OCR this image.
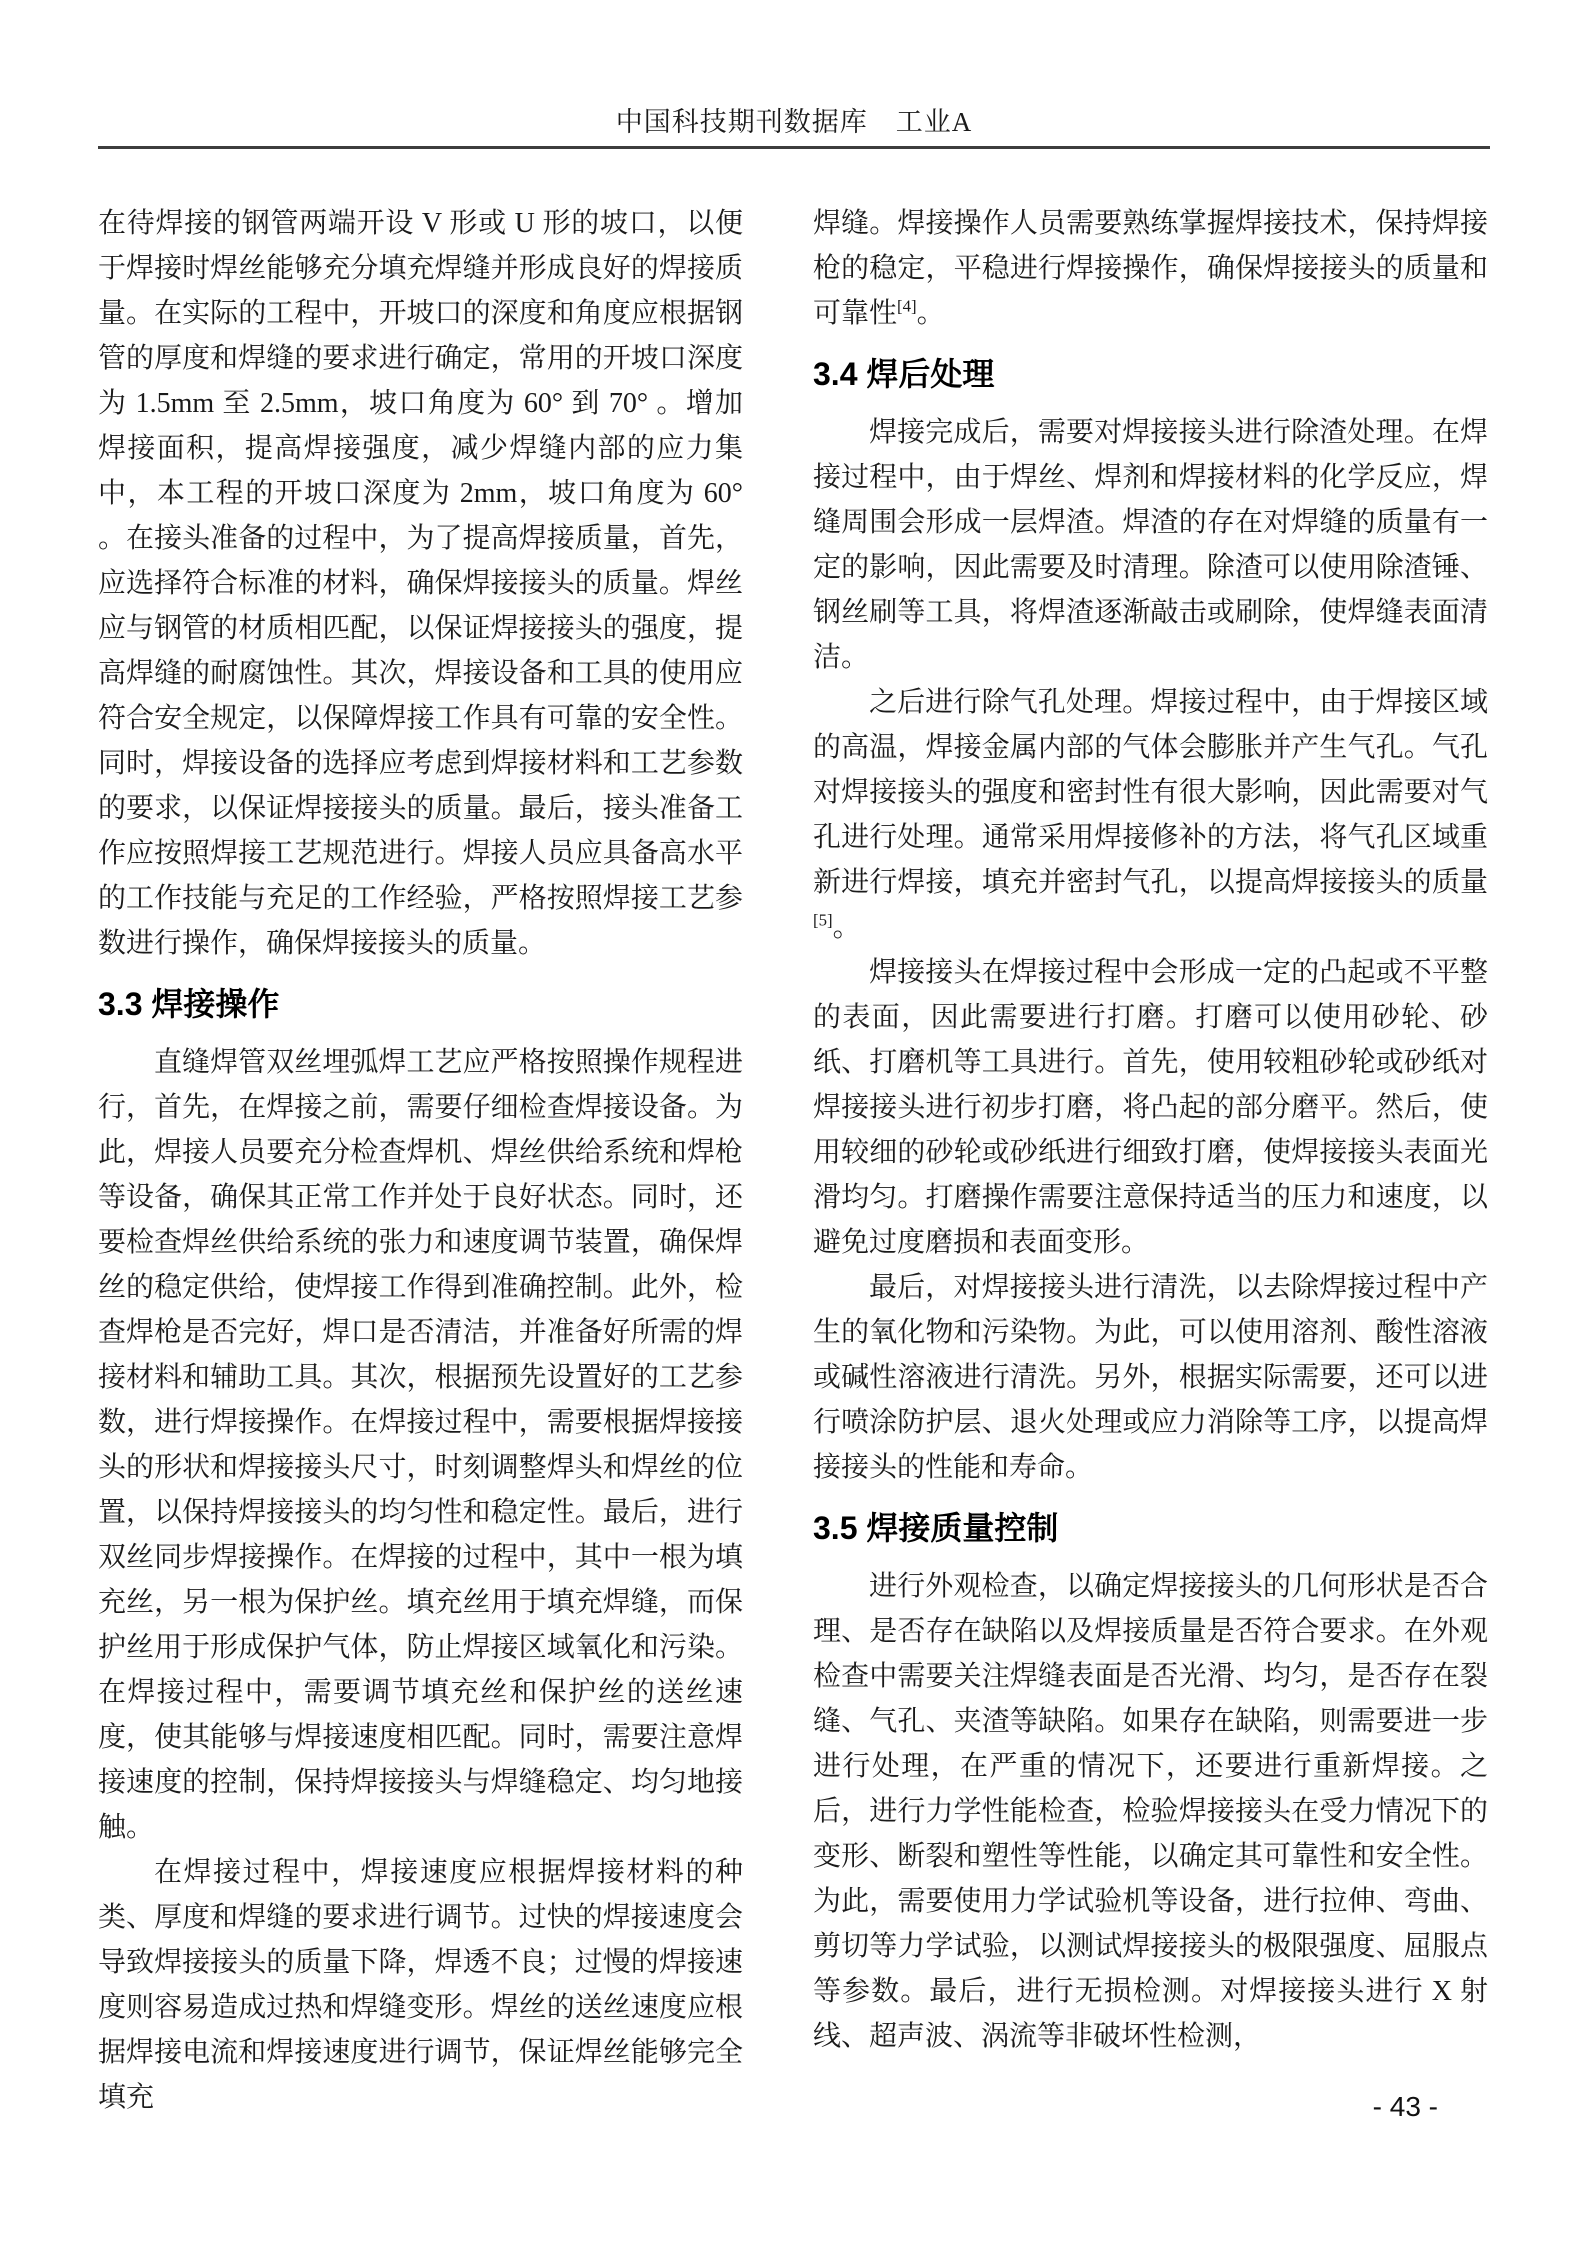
中国科技期刊数据库　工业A

在待焊接的钢管两端开设 V 形或 U 形的坡口，以便于焊接时焊丝能够充分填充焊缝并形成良好的焊接质量。在实际的工程中，开坡口的深度和角度应根据钢管的厚度和焊缝的要求进行确定，常用的开坡口深度为 1.5mm 至 2.5mm，坡口角度为 60° 到 70° 。增加焊接面积，提高焊接强度，减少焊缝内部的应力集中，本工程的开坡口深度为 2mm，坡口角度为 60° 。在接头准备的过程中，为了提高焊接质量，首先，应选择符合标准的材料，确保焊接接头的质量。焊丝应与钢管的材质相匹配，以保证焊接接头的强度，提高焊缝的耐腐蚀性。其次，焊接设备和工具的使用应符合安全规定，以保障焊接工作具有可靠的安全性。同时，焊接设备的选择应考虑到焊接材料和工艺参数的要求，以保证焊接接头的质量。最后，接头准备工作应按照焊接工艺规范进行。焊接人员应具备高水平的工作技能与充足的工作经验，严格按照焊接工艺参数进行操作，确保焊接接头的质量。

3.3 焊接操作

直缝焊管双丝埋弧焊工艺应严格按照操作规程进行，首先，在焊接之前，需要仔细检查焊接设备。为此，焊接人员要充分检查焊机、焊丝供给系统和焊枪等设备，确保其正常工作并处于良好状态。同时，还要检查焊丝供给系统的张力和速度调节装置，确保焊丝的稳定供给，使焊接工作得到准确控制。此外，检查焊枪是否完好，焊口是否清洁，并准备好所需的焊接材料和辅助工具。其次，根据预先设置好的工艺参数，进行焊接操作。在焊接过程中，需要根据焊接接头的形状和焊接接头尺寸，时刻调整焊头和焊丝的位置，以保持焊接接头的均匀性和稳定性。最后，进行双丝同步焊接操作。在焊接的过程中，其中一根为填充丝，另一根为保护丝。填充丝用于填充焊缝，而保护丝用于形成保护气体，防止焊接区域氧化和污染。在焊接过程中，需要调节填充丝和保护丝的送丝速度，使其能够与焊接速度相匹配。同时，需要注意焊接速度的控制，保持焊接接头与焊缝稳定、均匀地接触。

在焊接过程中，焊接速度应根据焊接材料的种类、厚度和焊缝的要求进行调节。过快的焊接速度会导致焊接接头的质量下降，焊透不良；过慢的焊接速度则容易造成过热和焊缝变形。焊丝的送丝速度应根据焊接电流和焊接速度进行调节，保证焊丝能够完全填充

焊缝。焊接操作人员需要熟练掌握焊接技术，保持焊接枪的稳定，平稳进行焊接操作，确保焊接接头的质量和可靠性[4]。

3.4 焊后处理

焊接完成后，需要对焊接接头进行除渣处理。在焊接过程中，由于焊丝、焊剂和焊接材料的化学反应，焊缝周围会形成一层焊渣。焊渣的存在对焊缝的质量有一定的影响，因此需要及时清理。除渣可以使用除渣锤、钢丝刷等工具，将焊渣逐渐敲击或刷除，使焊缝表面清洁。

之后进行除气孔处理。焊接过程中，由于焊接区域的高温，焊接金属内部的气体会膨胀并产生气孔。气孔对焊接接头的强度和密封性有很大影响，因此需要对气孔进行处理。通常采用焊接修补的方法，将气孔区域重新进行焊接，填充并密封气孔，以提高焊接接头的质量[5]。

焊接接头在焊接过程中会形成一定的凸起或不平整的表面，因此需要进行打磨。打磨可以使用砂轮、砂纸、打磨机等工具进行。首先，使用较粗砂轮或砂纸对焊接接头进行初步打磨，将凸起的部分磨平。然后，使用较细的砂轮或砂纸进行细致打磨，使焊接接头表面光滑均匀。打磨操作需要注意保持适当的压力和速度，以避免过度磨损和表面变形。

最后，对焊接接头进行清洗，以去除焊接过程中产生的氧化物和污染物。为此，可以使用溶剂、酸性溶液或碱性溶液进行清洗。另外，根据实际需要，还可以进行喷涂防护层、退火处理或应力消除等工序，以提高焊接接头的性能和寿命。

3.5 焊接质量控制

进行外观检查，以确定焊接接头的几何形状是否合理、是否存在缺陷以及焊接质量是否符合要求。在外观检查中需要关注焊缝表面是否光滑、均匀，是否存在裂缝、气孔、夹渣等缺陷。如果存在缺陷，则需要进一步进行处理，在严重的情况下，还要进行重新焊接。之后，进行力学性能检查，检验焊接接头在受力情况下的变形、断裂和塑性等性能，以确定其可靠性和安全性。为此，需要使用力学试验机等设备，进行拉伸、弯曲、剪切等力学试验，以测试焊接接头的极限强度、屈服点等参数。最后，进行无损检测。对焊接接头进行 X 射线、超声波、涡流等非破坏性检测，

- 43 -
